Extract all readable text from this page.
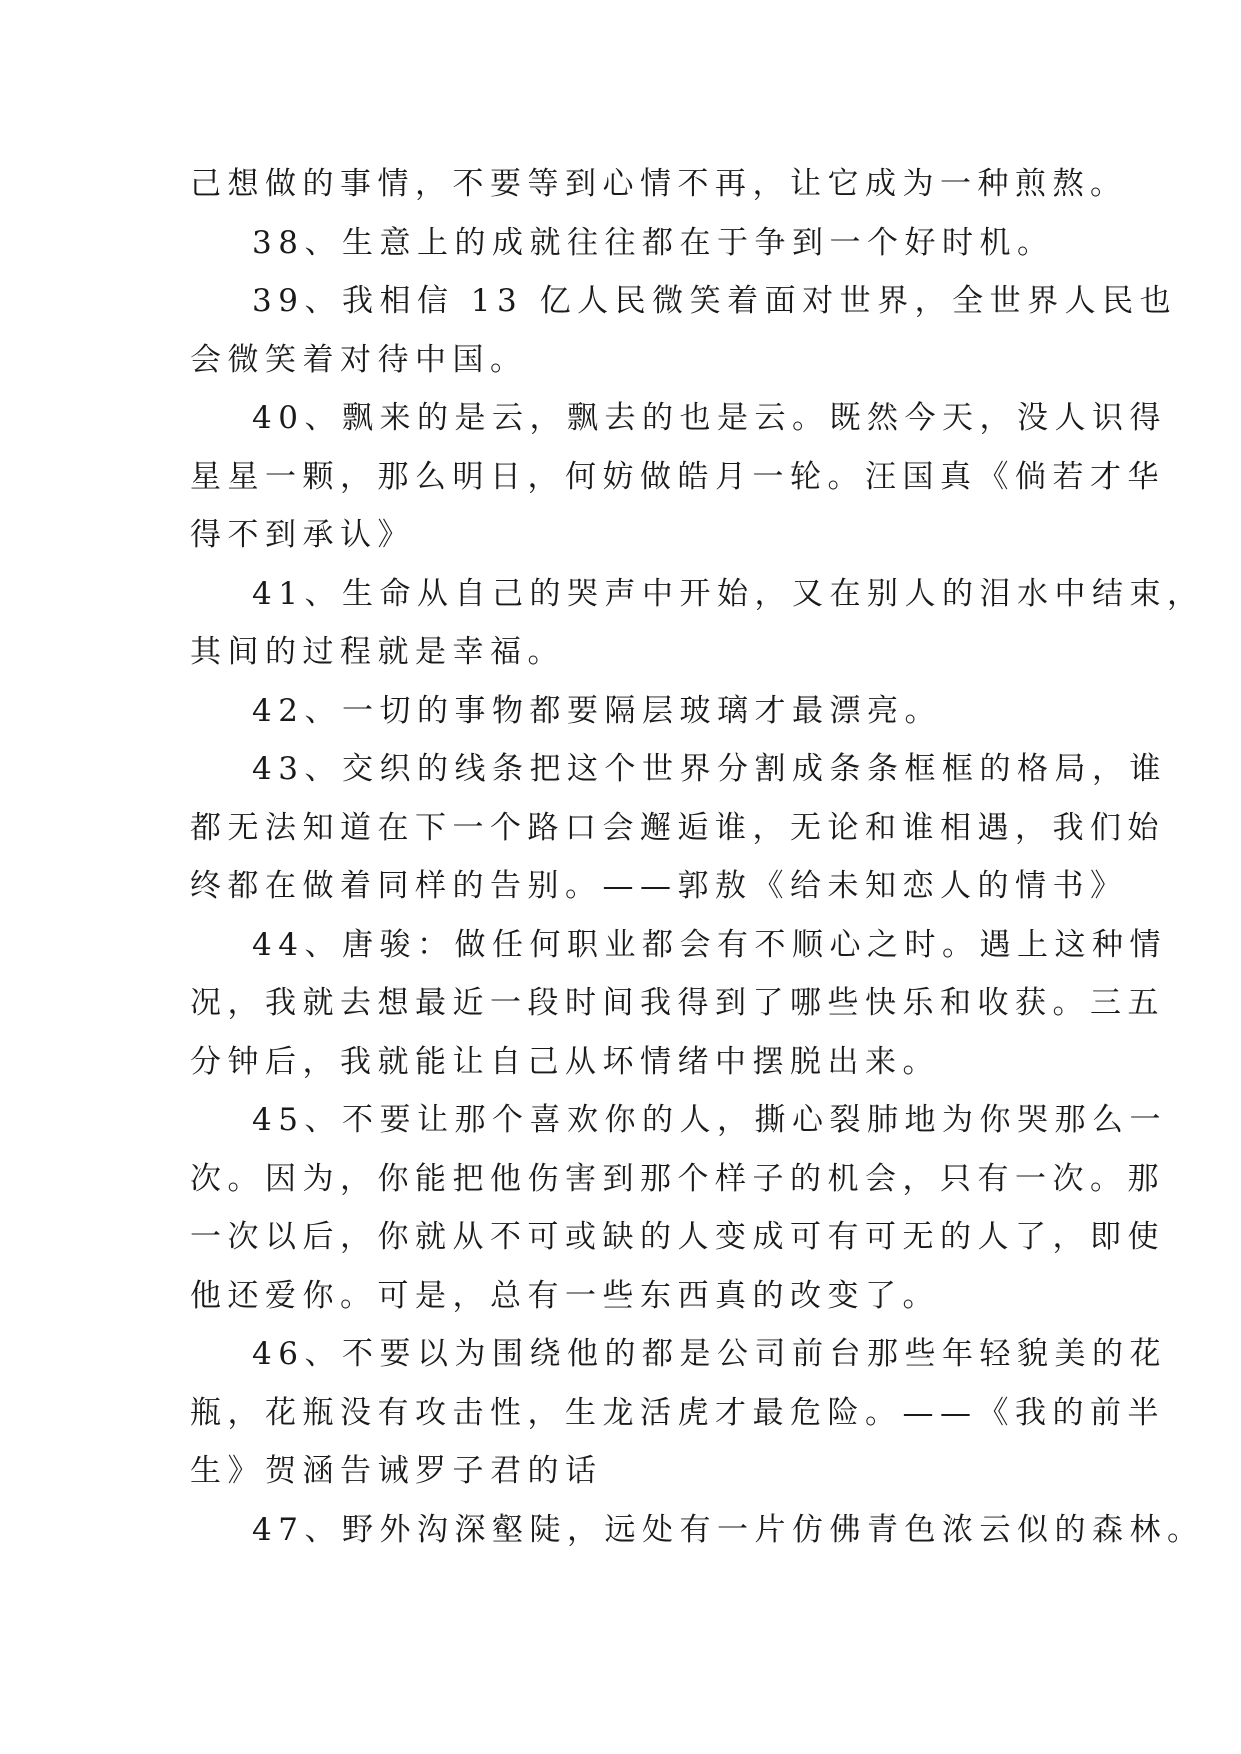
己想做的事情，不要等到心情不再，让它成为一种煎熬。

38、生意上的成就往往都在于争到一个好时机。

39、我相信 13 亿人民微笑着面对世界，全世界人民也
会微笑着对待中国。

40、飘来的是云，飘去的也是云。既然今天，没人识得
星星一颗，那么明日，何妨做皓月一轮。汪国真《倘若才华
得不到承认》

41、生命从自己的哭声中开始，又在别人的泪水中结束，
其间的过程就是幸福。

42、一切的事物都要隔层玻璃才最漂亮。

43、交织的线条把这个世界分割成条条框框的格局，谁
都无法知道在下一个路口会邂逅谁，无论和谁相遇，我们始
终都在做着同样的告别。——郭敖《给未知恋人的情书》

44、唐骏：做任何职业都会有不顺心之时。遇上这种情
况，我就去想最近一段时间我得到了哪些快乐和收获。三五
分钟后，我就能让自己从坏情绪中摆脱出来。

45、不要让那个喜欢你的人，撕心裂肺地为你哭那么一
次。因为，你能把他伤害到那个样子的机会，只有一次。那
一次以后，你就从不可或缺的人变成可有可无的人了，即使
他还爱你。可是，总有一些东西真的改变了。

46、不要以为围绕他的都是公司前台那些年轻貌美的花
瓶，花瓶没有攻击性，生龙活虎才最危险。——《我的前半
生》贺涵告诫罗子君的话

47、野外沟深壑陡，远处有一片仿佛青色浓云似的森林。
